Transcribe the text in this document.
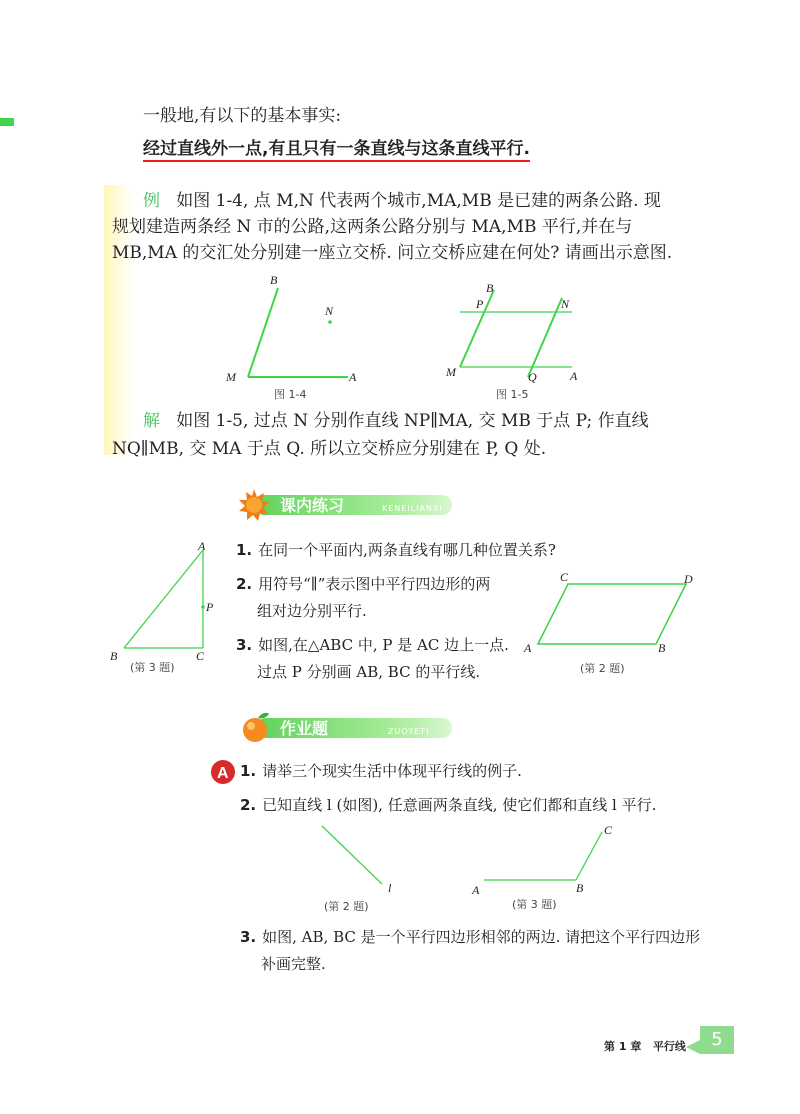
一般地,有以下的基本事实:

经过直线外一点,有且只有一条直线与这条直线平行.

例 如图 1-4, 点 M,N 代表两个城市,MA,MB 是已建的两条公路. 现

规划建造两条经 N 市的公路,这两条公路分别与 MA,MB 平行,并在与

MB,MA 的交汇处分别建一座立交桥. 问立交桥应建在何处? 请画出示意图.

B
N
M	A
图 1-4
B
P	N
M	Q	A
图 1-5

解 如图 1-5, 过点 N 分别作直线 NP∥MA, 交 MB 于点 P; 作直线

NQ∥MB, 交 MA 于点 Q. 所以立交桥应分别建在 P, Q 处.

课内练习	KENEILIANXI
A
P
B	C
(第 3 题)
1. 在同一个平面内,两条直线有哪几种位置关系?
2. 用符号“∥”表示图中平行四边形的两
组对边分别平行.
3. 如图,在△ABC 中, P 是 AC 边上一点.
过点 P 分别画 AB, BC 的平行线.
C	D
A	B
(第 2 题)
作业题	ZUOYETI
A 1. 请举三个现实生活中体现平行线的例子.
2. 已知直线 l (如图), 任意画两条直线, 使它们都和直线 l 平行.
l
(第 2 题)
A	B
C
(第 3 题)
3. 如图, AB, BC 是一个平行四边形相邻的两边. 请把这个平行四边形
补画完整.
第 1 章 平行线	5
